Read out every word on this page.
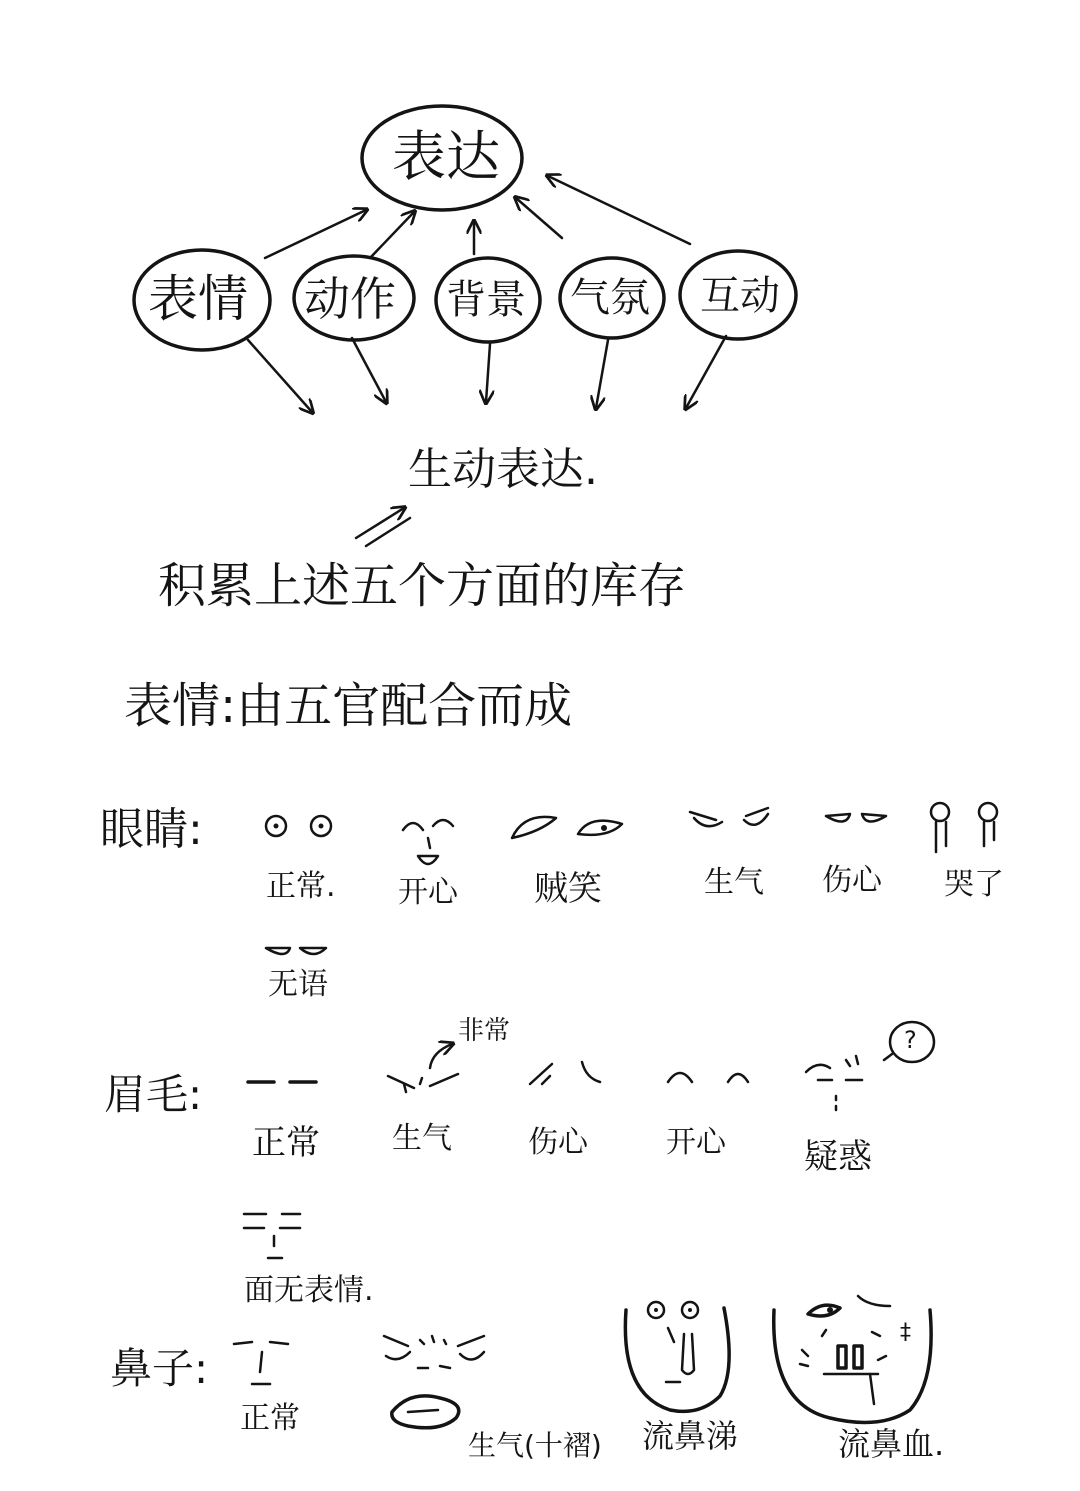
表达
表情 动作 背景 气氛 互动
生动表达.
积累上述五个方面的库存
表情:由五官配合而成
眼睛:
正常. 开心 贼笑	生气 伤心 哭了
无语
眉毛:
非常	?
正常 生气	伤心	开心 疑惑
面无表情.
鼻子:
正常
生气(十褶) 流鼻涕	流鼻血.
‡
